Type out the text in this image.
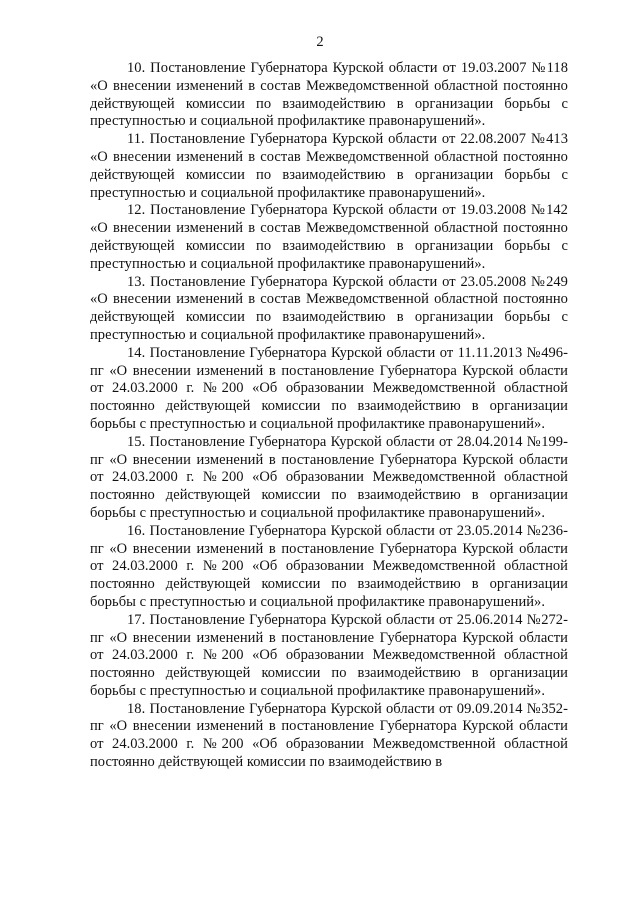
2

10. Постановление Губернатора Курской области от 19.03.2007 №118 «О внесении изменений в состав Межведомственной областной постоянно действующей комиссии по взаимодействию в организации борьбы с преступностью и социальной профилактике правонарушений».

11. Постановление Губернатора Курской области от 22.08.2007 №413 «О внесении изменений в состав Межведомственной областной постоянно действующей комиссии по взаимодействию в организации борьбы с преступностью и социальной профилактике правонарушений».

12. Постановление Губернатора Курской области от 19.03.2008 №142 «О внесении изменений в состав Межведомственной областной постоянно действующей комиссии по взаимодействию в организации борьбы с преступностью и социальной профилактике правонарушений».

13. Постановление Губернатора Курской области от 23.05.2008 №249 «О внесении изменений в состав Межведомственной областной постоянно действующей комиссии по взаимодействию в организации борьбы с преступностью и социальной профилактике правонарушений».

14. Постановление Губернатора Курской области от 11.11.2013 №496-пг «О внесении изменений в постановление Губернатора Курской области от 24.03.2000 г. №200 «Об образовании Межведомственной областной постоянно действующей комиссии по взаимодействию в организации борьбы с преступностью и социальной профилактике правонарушений».

15. Постановление Губернатора Курской области от 28.04.2014 №199-пг «О внесении изменений в постановление Губернатора Курской области от 24.03.2000 г. №200 «Об образовании Межведомственной областной постоянно действующей комиссии по взаимодействию в организации борьбы с преступностью и социальной профилактике правонарушений».

16. Постановление Губернатора Курской области от 23.05.2014 №236-пг «О внесении изменений в постановление Губернатора Курской области от 24.03.2000 г. №200 «Об образовании Межведомственной областной постоянно действующей комиссии по взаимодействию в организации борьбы с преступностью и социальной профилактике правонарушений».

17. Постановление Губернатора Курской области от 25.06.2014 №272-пг «О внесении изменений в постановление Губернатора Курской области от 24.03.2000 г. №200 «Об образовании Межведомственной областной постоянно действующей комиссии по взаимодействию в организации борьбы с преступностью и социальной профилактике правонарушений».

18. Постановление Губернатора Курской области от 09.09.2014 №352-пг «О внесении изменений в постановление Губернатора Курской области от 24.03.2000 г. №200 «Об образовании Межведомственной областной постоянно действующей комиссии по взаимодействию в
